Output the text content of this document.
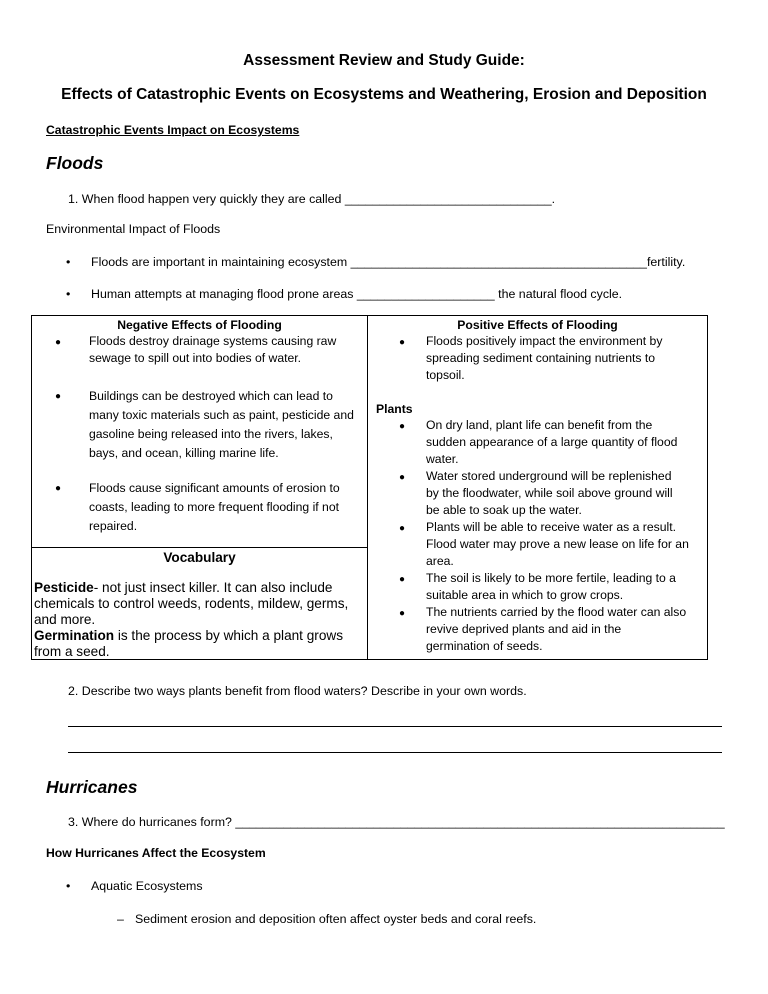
Assessment Review and Study Guide:
Effects of Catastrophic Events on Ecosystems and Weathering, Erosion and Deposition
Catastrophic Events Impact on Ecosystems
Floods
1. When flood happen very quickly they are called ______________________________.
Environmental Impact of Floods
• Floods are important in maintaining ecosystem ___________________________________________fertility.
• Human attempts at managing flood prone areas ____________________ the natural flood cycle.
Negative Effects of Flooding
● Floods destroy drainage systems causing raw
sewage to spill out into bodies of water.
● Buildings can be destroyed which can lead to
many toxic materials such as paint, pesticide and
gasoline being released into the rivers, lakes,
bays, and ocean, killing marine life.
● Floods cause significant amounts of erosion to
coasts, leading to more frequent flooding if not
repaired.
Vocabulary
Pesticide- not just insect killer. It can also include
chemicals to control weeds, rodents, mildew, germs,
and more.
Germination is the process by which a plant grows
from a seed.
Positive Effects of Flooding
● Floods positively impact the environment by
spreading sediment containing nutrients to
topsoil.
Plants
● On dry land, plant life can benefit from the
sudden appearance of a large quantity of flood
water.
● Water stored underground will be replenished
by the floodwater, while soil above ground will
be able to soak up the water.
● Plants will be able to receive water as a result.
Flood water may prove a new lease on life for an
area.
● The soil is likely to be more fertile, leading to a
suitable area in which to grow crops.
● The nutrients carried by the flood water can also
revive deprived plants and aid in the
germination of seeds.
2. Describe two ways plants benefit from flood waters? Describe in your own words.
Hurricanes
3. Where do hurricanes form? _______________________________________________________________________
How Hurricanes Affect the Ecosystem
• Aquatic Ecosystems
– Sediment erosion and deposition often affect oyster beds and coral reefs.
